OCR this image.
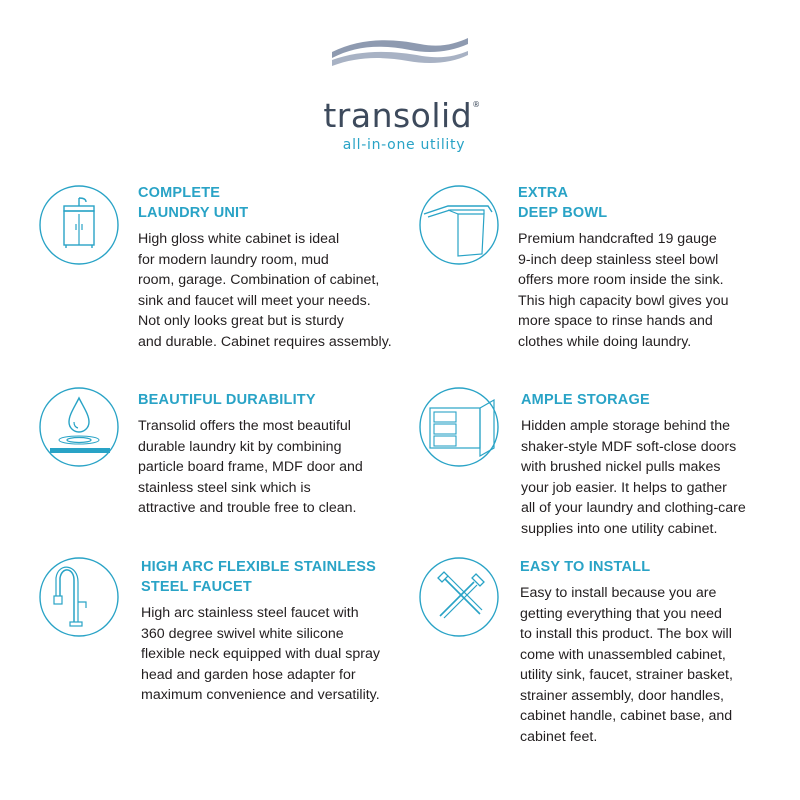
transolid®
all-in-one utility
COMPLETE
LAUNDRY UNIT

High gloss white cabinet is ideal
for modern laundry room, mud
room, garage. Combination of cabinet,
sink and faucet will meet your needs.
Not only looks great but is sturdy
and durable. Cabinet requires assembly.

EXTRA
DEEP BOWL

Premium handcrafted 19 gauge
9-inch deep stainless steel bowl
offers more room inside the sink.
This high capacity bowl gives you
more space to rinse hands and
clothes while doing laundry.

BEAUTIFUL DURABILITY

Transolid offers the most beautiful
durable laundry kit by combining
particle board frame, MDF door and
stainless steel sink which is
attractive and trouble free to clean.

AMPLE STORAGE

Hidden ample storage behind the
shaker-style MDF soft-close doors
with brushed nickel pulls makes
your job easier. It helps to gather
all of your laundry and clothing-care
supplies into one utility cabinet.

HIGH ARC FLEXIBLE STAINLESS
STEEL FAUCET

High arc stainless steel faucet with
360 degree swivel white silicone
flexible neck equipped with dual spray
head and garden hose adapter for
maximum convenience and versatility.

EASY TO INSTALL

Easy to install because you are
getting everything that you need
to install this product. The box will
come with unassembled cabinet,
utility sink, faucet, strainer basket,
strainer assembly, door handles,
cabinet handle, cabinet base, and
cabinet feet.
